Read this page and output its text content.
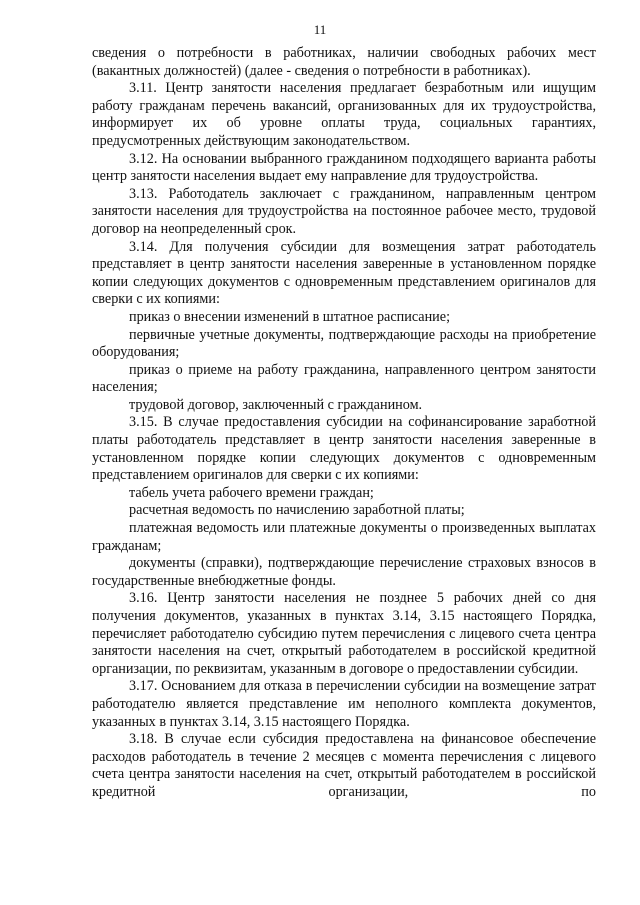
11

сведения о потребности в работниках, наличии свободных рабочих мест (вакантных должностей) (далее - сведения о потребности в работниках).

3.11. Центр занятости населения предлагает безработным или ищущим работу гражданам перечень вакансий, организованных для их трудоустройства, информирует их об уровне оплаты труда, социальных гарантиях, предусмотренных действующим законодательством.

3.12. На основании выбранного гражданином подходящего варианта работы центр занятости населения выдает ему направление для трудоустройства.

3.13. Работодатель заключает с гражданином, направленным центром занятости населения для трудоустройства на постоянное рабочее место, трудовой договор на неопределенный срок.

3.14. Для получения субсидии для возмещения затрат работодатель представляет в центр занятости населения заверенные в установленном порядке копии следующих документов с одновременным представлением оригиналов для сверки с их копиями:

приказ о внесении изменений в штатное расписание;

первичные учетные документы, подтверждающие расходы на приобретение оборудования;

приказ о приеме на работу гражданина, направленного центром занятости населения;

трудовой договор, заключенный с гражданином.

3.15. В случае предоставления субсидии на софинансирование заработной платы работодатель представляет в центр занятости населения заверенные в установленном порядке копии следующих документов с одновременным представлением оригиналов для сверки с их копиями:

табель учета рабочего времени граждан;

расчетная ведомость по начислению заработной платы;

платежная ведомость или платежные документы о произведенных выплатах гражданам;

документы (справки), подтверждающие перечисление страховых взносов в государственные внебюджетные фонды.

3.16. Центр занятости населения не позднее 5 рабочих дней со дня получения документов, указанных в пунктах 3.14, 3.15 настоящего Порядка, перечисляет работодателю субсидию путем перечисления с лицевого счета центра занятости населения на счет, открытый работодателем в российской кредитной организации, по реквизитам, указанным в договоре о предоставлении субсидии.

3.17. Основанием для отказа в перечислении субсидии на возмещение затрат работодателю является представление им неполного комплекта документов, указанных в пунктах 3.14, 3.15 настоящего Порядка.

3.18. В случае если субсидия предоставлена на финансовое обеспечение расходов работодатель в течение 2 месяцев с момента перечисления с лицевого счета центра занятости населения на счет, открытый работодателем в российской кредитной организации, по
